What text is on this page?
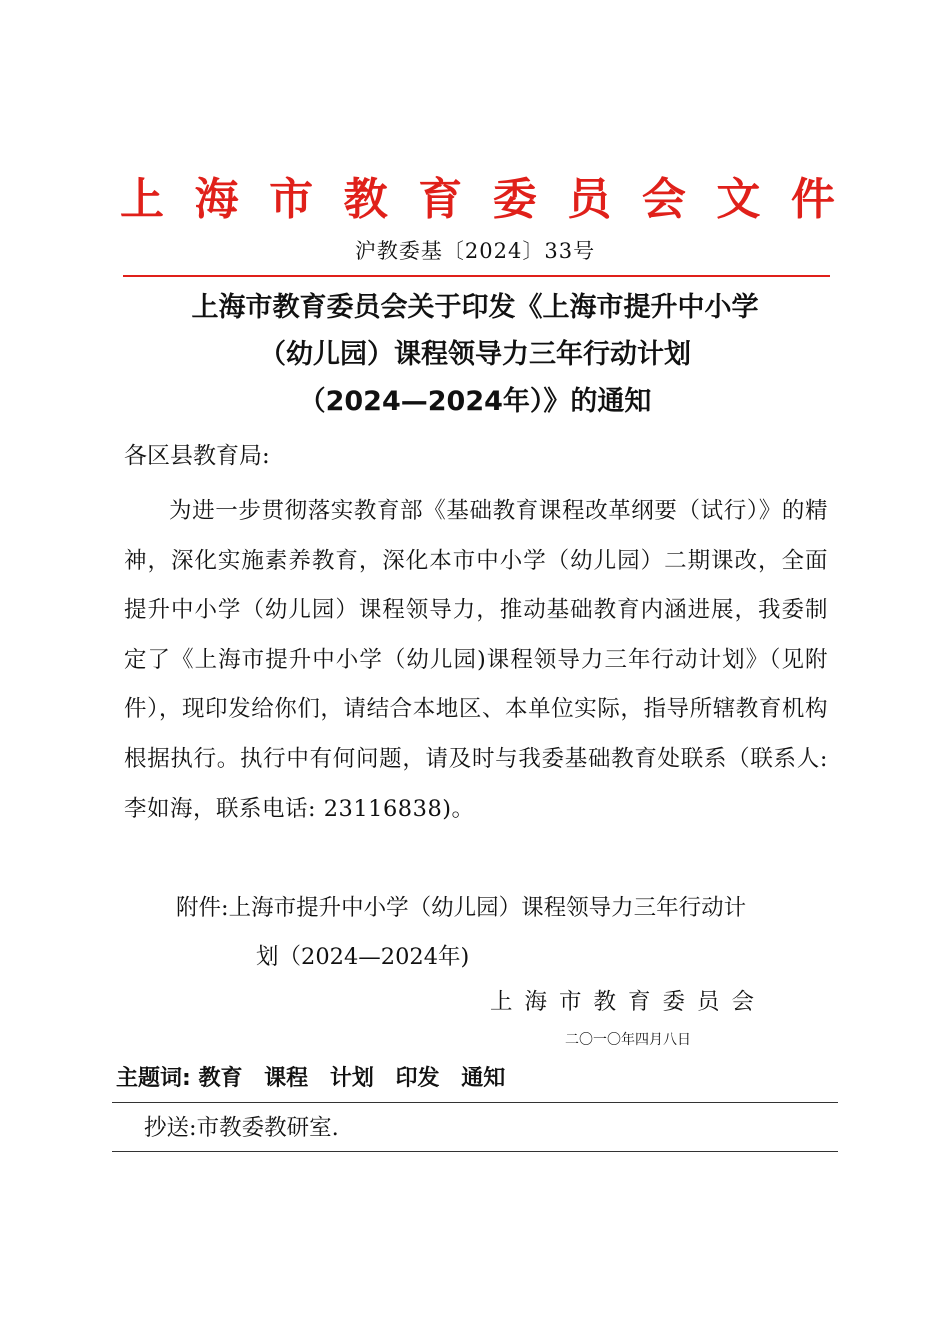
上 海 市 教 育 委 员 会 文 件
沪教委基〔2024〕33号
上海市教育委员会关于印发《上海市提升中小学
（幼儿园）课程领导力三年行动计划
（2024—2024年）》的通知
各区县教育局:
为进一步贯彻落实教育部《基础教育课程改革纲要（试行）》的精神，深化实施素养教育，深化本市中小学（幼儿园）二期课改，全面提升中小学（幼儿园）课程领导力，推动基础教育内涵进展，我委制定了《上海市提升中小学（幼儿园)课程领导力三年行动计划》（见附件），现印发给你们，请结合本地区、本单位实际，指导所辖教育机构根据执行。执行中有何问题，请及时与我委基础教育处联系（联系人: 李如海，联系电话: 23116838)。
附件:上海市提升中小学（幼儿园）课程领导力三年行动计
划（2024—2024年)
上海市教育委员会
二〇一〇年四月八日
主题词: 教育 课程 计划 印发 通知
抄送:市教委教研室.
